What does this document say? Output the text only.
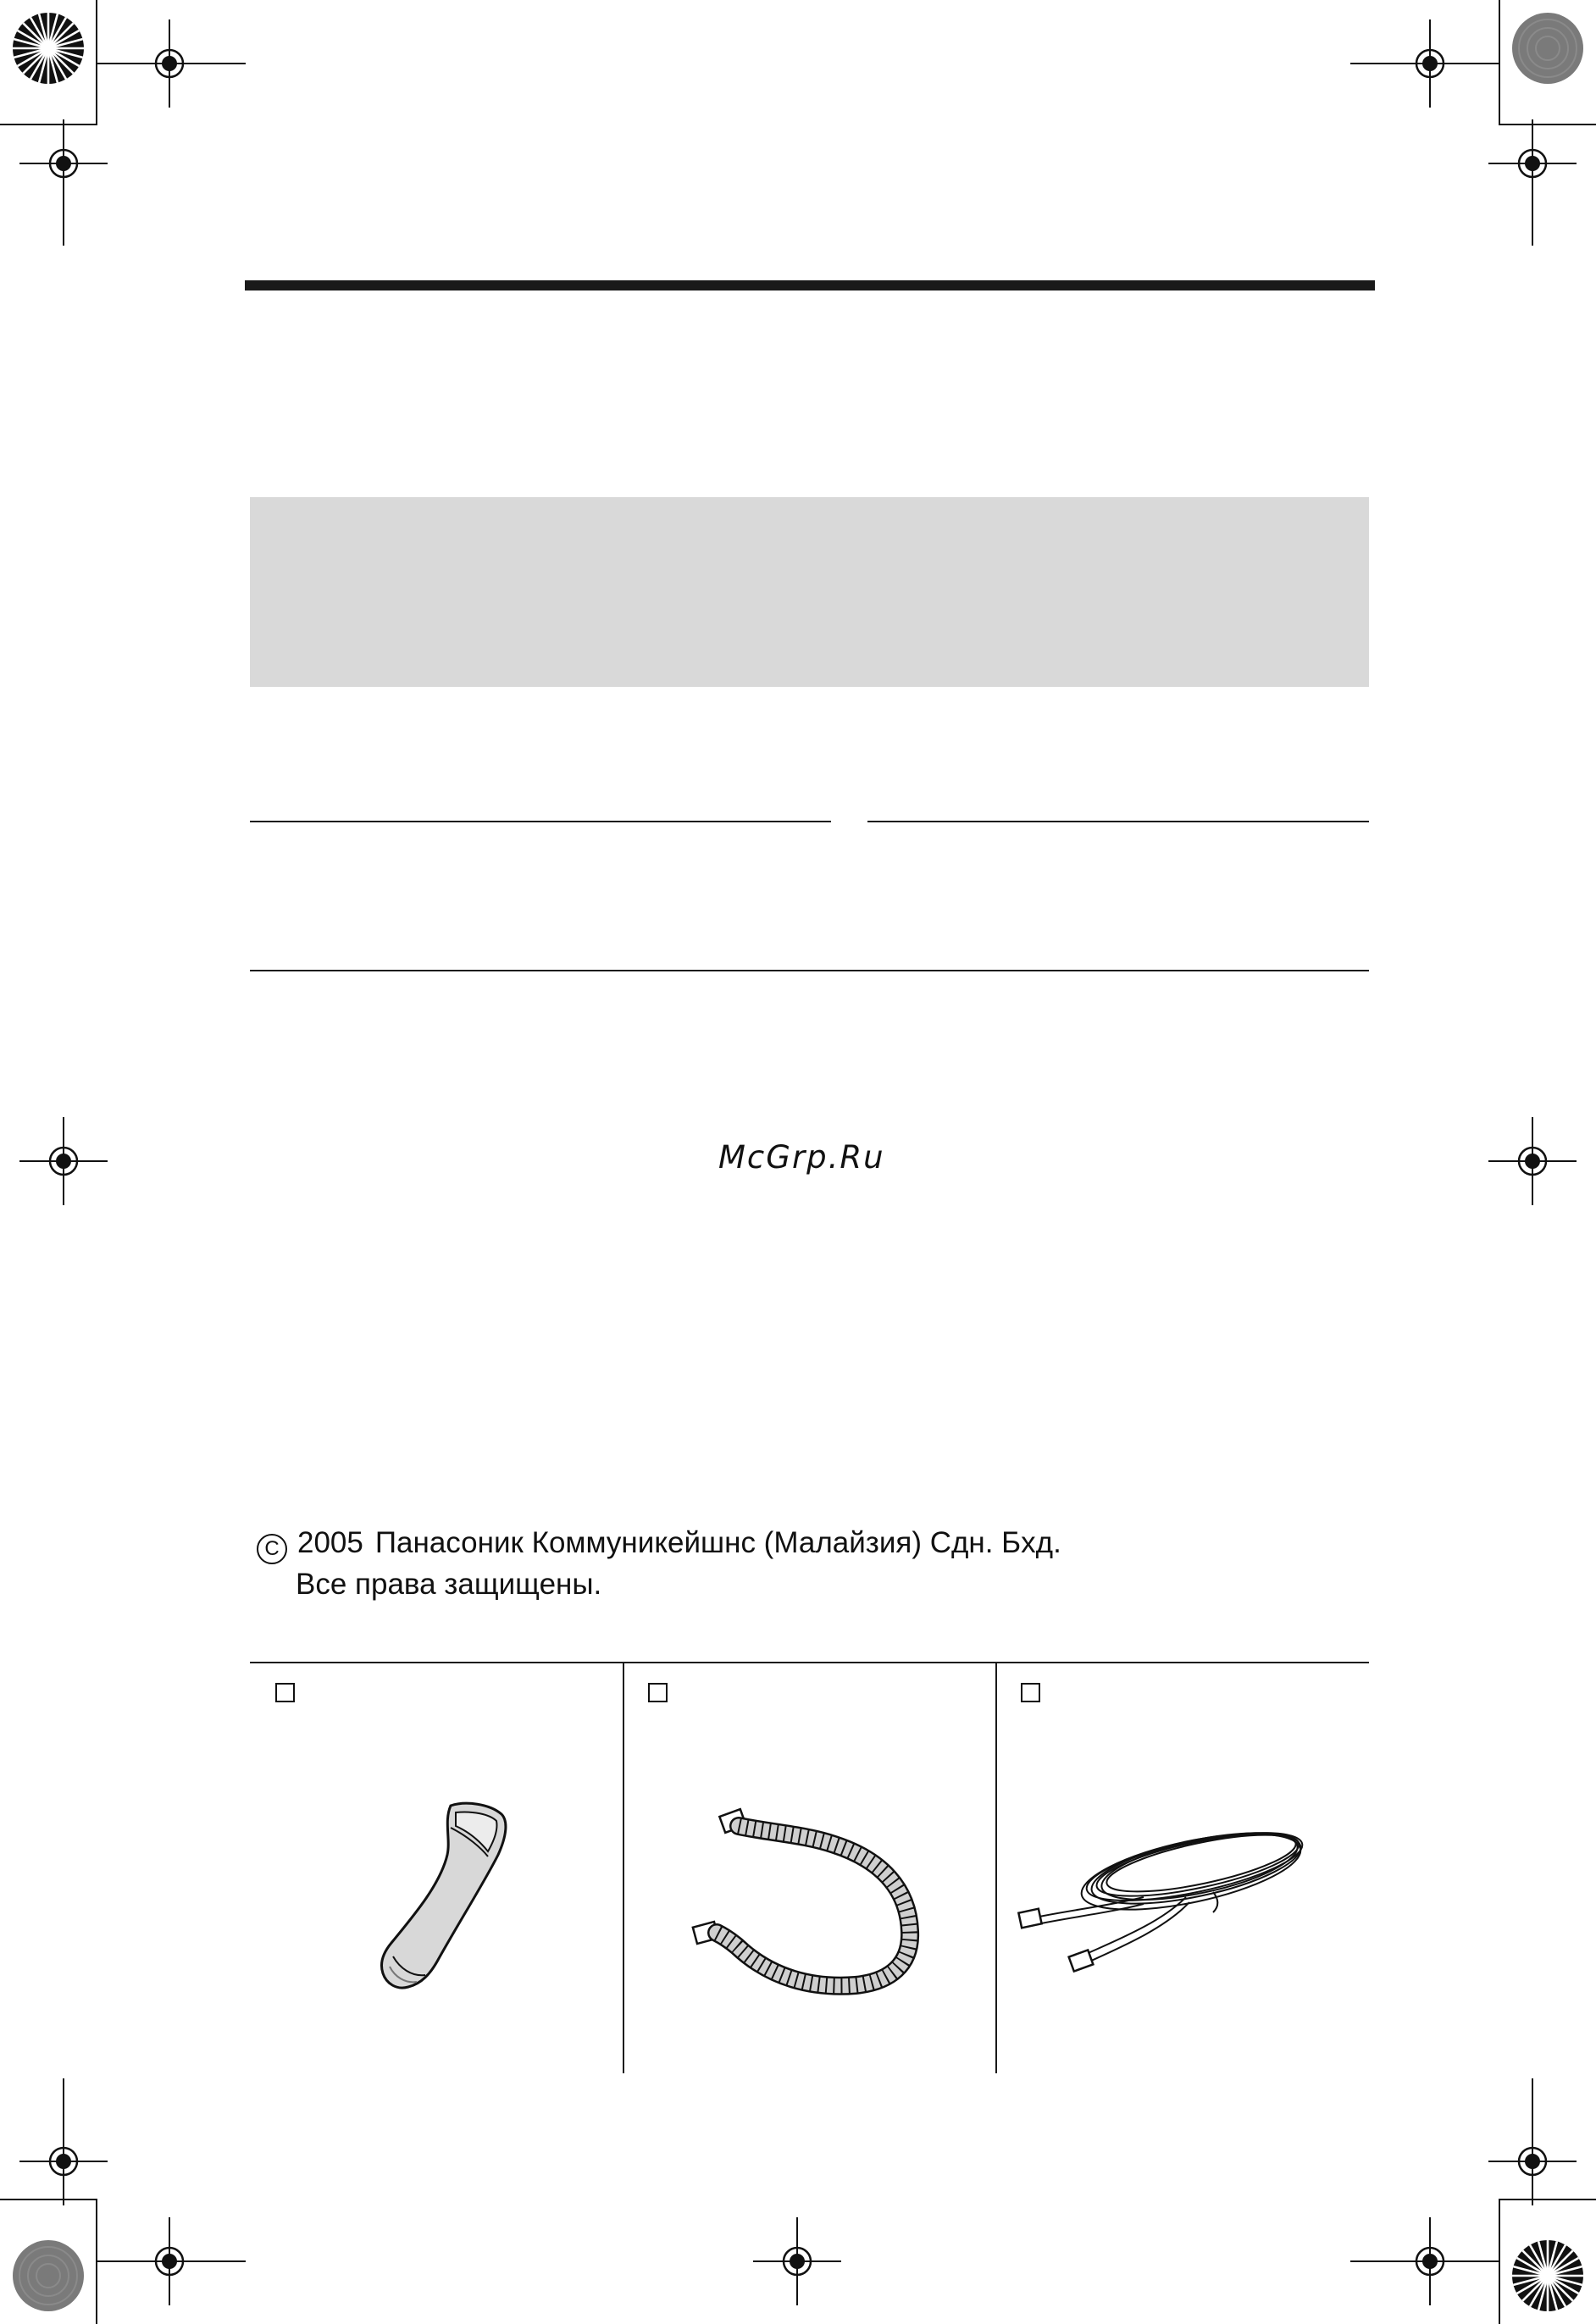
McGrp.Ru
C 2005 Панасоник Коммуникейшнс (Малайзия) Сдн. Бхд.
Все права защищены.
